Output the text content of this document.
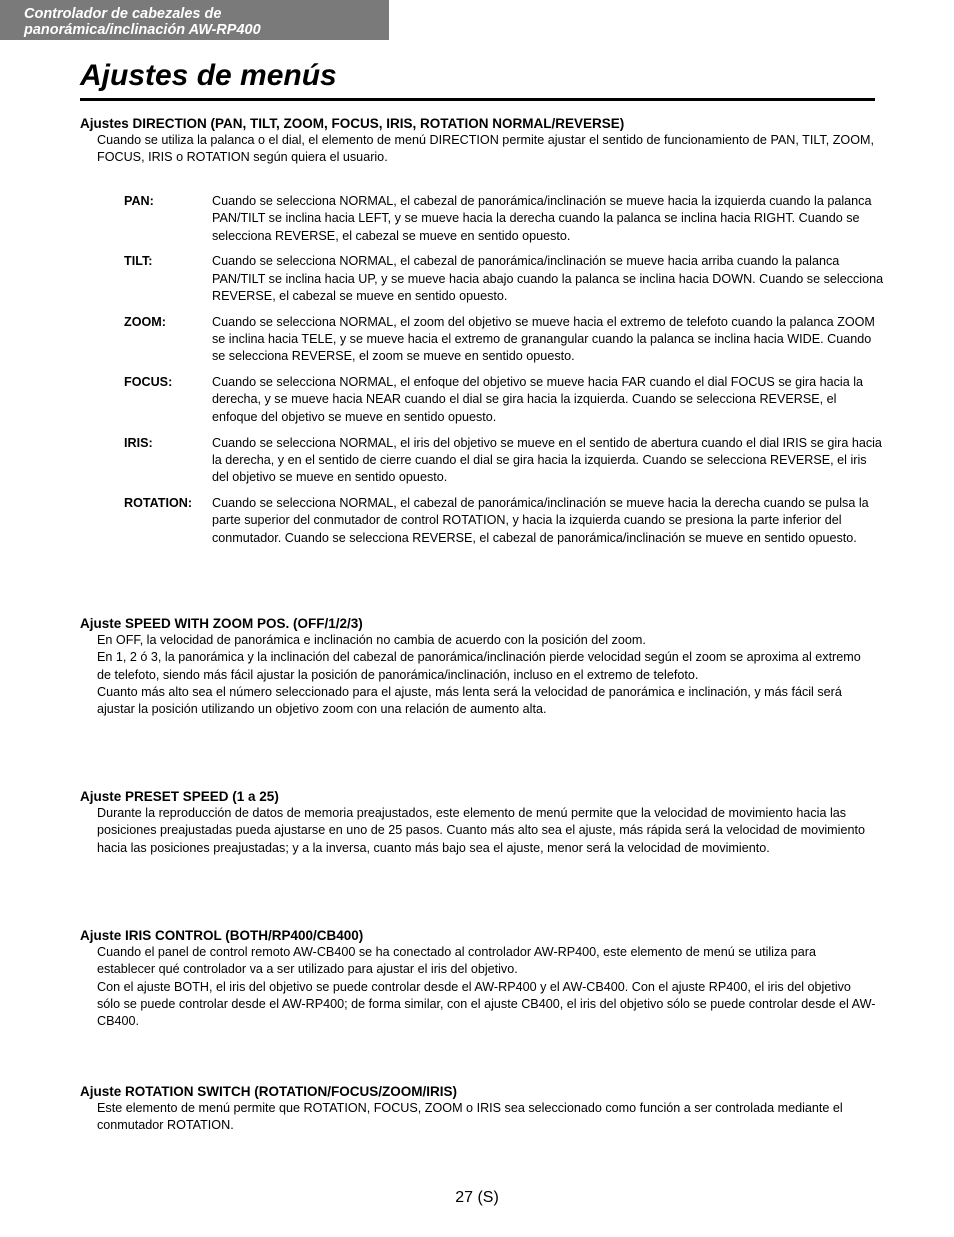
Controlador de cabezales de
panorámica/inclinación AW-RP400
Ajustes de menús
Ajustes DIRECTION (PAN, TILT, ZOOM, FOCUS, IRIS, ROTATION NORMAL/REVERSE)

Cuando se utiliza la palanca o el dial, el elemento de menú DIRECTION permite ajustar el sentido de funcionamiento de PAN, TILT, ZOOM, FOCUS, IRIS o ROTATION según quiera el usuario.

PAN:	Cuando se selecciona NORMAL, el cabezal de panorámica/inclinación se mueve hacia la izquierda cuando la palanca PAN/TILT se inclina hacia LEFT, y se mueve hacia la derecha cuando la palanca se inclina hacia RIGHT. Cuando se selecciona REVERSE, el cabezal se mueve en sentido opuesto.
TILT:	Cuando se selecciona NORMAL, el cabezal de panorámica/inclinación se mueve hacia arriba cuando la palanca PAN/TILT se inclina hacia UP, y se mueve hacia abajo cuando la palanca se inclina hacia DOWN. Cuando se selecciona REVERSE, el cabezal se mueve en sentido opuesto.
ZOOM:	Cuando se selecciona NORMAL, el zoom del objetivo se mueve hacia el extremo de telefoto cuando la palanca ZOOM se inclina hacia TELE, y se mueve hacia el extremo de granangular cuando la palanca se inclina hacia WIDE. Cuando se selecciona REVERSE, el zoom se mueve en sentido opuesto.
FOCUS:	Cuando se selecciona NORMAL, el enfoque del objetivo se mueve hacia FAR cuando el dial FOCUS se gira hacia la derecha, y se mueve hacia NEAR cuando el dial se gira hacia la izquierda. Cuando se selecciona REVERSE, el enfoque del objetivo se mueve en sentido opuesto.
IRIS:	Cuando se selecciona NORMAL, el iris del objetivo se mueve en el sentido de abertura cuando el dial IRIS se gira hacia la derecha, y en el sentido de cierre cuando el dial se gira hacia la izquierda. Cuando se selecciona REVERSE, el iris del objetivo se mueve en sentido opuesto.
ROTATION:	Cuando se selecciona NORMAL, el cabezal de panorámica/inclinación se mueve hacia la derecha cuando se pulsa la parte superior del conmutador de control ROTATION, y hacia la izquierda cuando se presiona la parte inferior del conmutador. Cuando se selecciona REVERSE, el cabezal de panorámica/inclinación se mueve en sentido opuesto.
Ajuste SPEED WITH ZOOM POS. (OFF/1/2/3)

En OFF, la velocidad de panorámica e inclinación no cambia de acuerdo con la posición del zoom.

En 1, 2 ó 3, la panorámica y la inclinación del cabezal de panorámica/inclinación pierde velocidad según el zoom se aproxima al extremo de telefoto, siendo más fácil ajustar la posición de panorámica/inclinación, incluso en el extremo de telefoto.

Cuanto más alto sea el número seleccionado para el ajuste, más lenta será la velocidad de panorámica e inclinación, y más fácil será ajustar la posición utilizando un objetivo zoom con una relación de aumento alta.

Ajuste PRESET SPEED (1 a 25)

Durante la reproducción de datos de memoria preajustados, este elemento de menú permite que la velocidad de movimiento hacia las posiciones preajustadas pueda ajustarse en uno de 25 pasos. Cuanto más alto sea el ajuste, más rápida será la velocidad de movimiento hacia las posiciones preajustadas; y a la inversa, cuanto más bajo sea el ajuste, menor será la velocidad de movimiento.

Ajuste IRIS CONTROL (BOTH/RP400/CB400)

Cuando el panel de control remoto AW-CB400 se ha conectado al controlador AW-RP400, este elemento de menú se utiliza para establecer qué controlador va a ser utilizado para ajustar el iris del objetivo.

Con el ajuste BOTH, el iris del objetivo se puede controlar desde el AW-RP400 y el AW-CB400. Con el ajuste RP400, el iris del objetivo sólo se puede controlar desde el AW-RP400; de forma similar, con el ajuste CB400, el iris del objetivo sólo se puede controlar desde el AW-CB400.

Ajuste ROTATION SWITCH (ROTATION/FOCUS/ZOOM/IRIS)

Este elemento de menú permite que ROTATION, FOCUS, ZOOM o IRIS sea seleccionado como función a ser controlada mediante el conmutador ROTATION.

27 (S)
